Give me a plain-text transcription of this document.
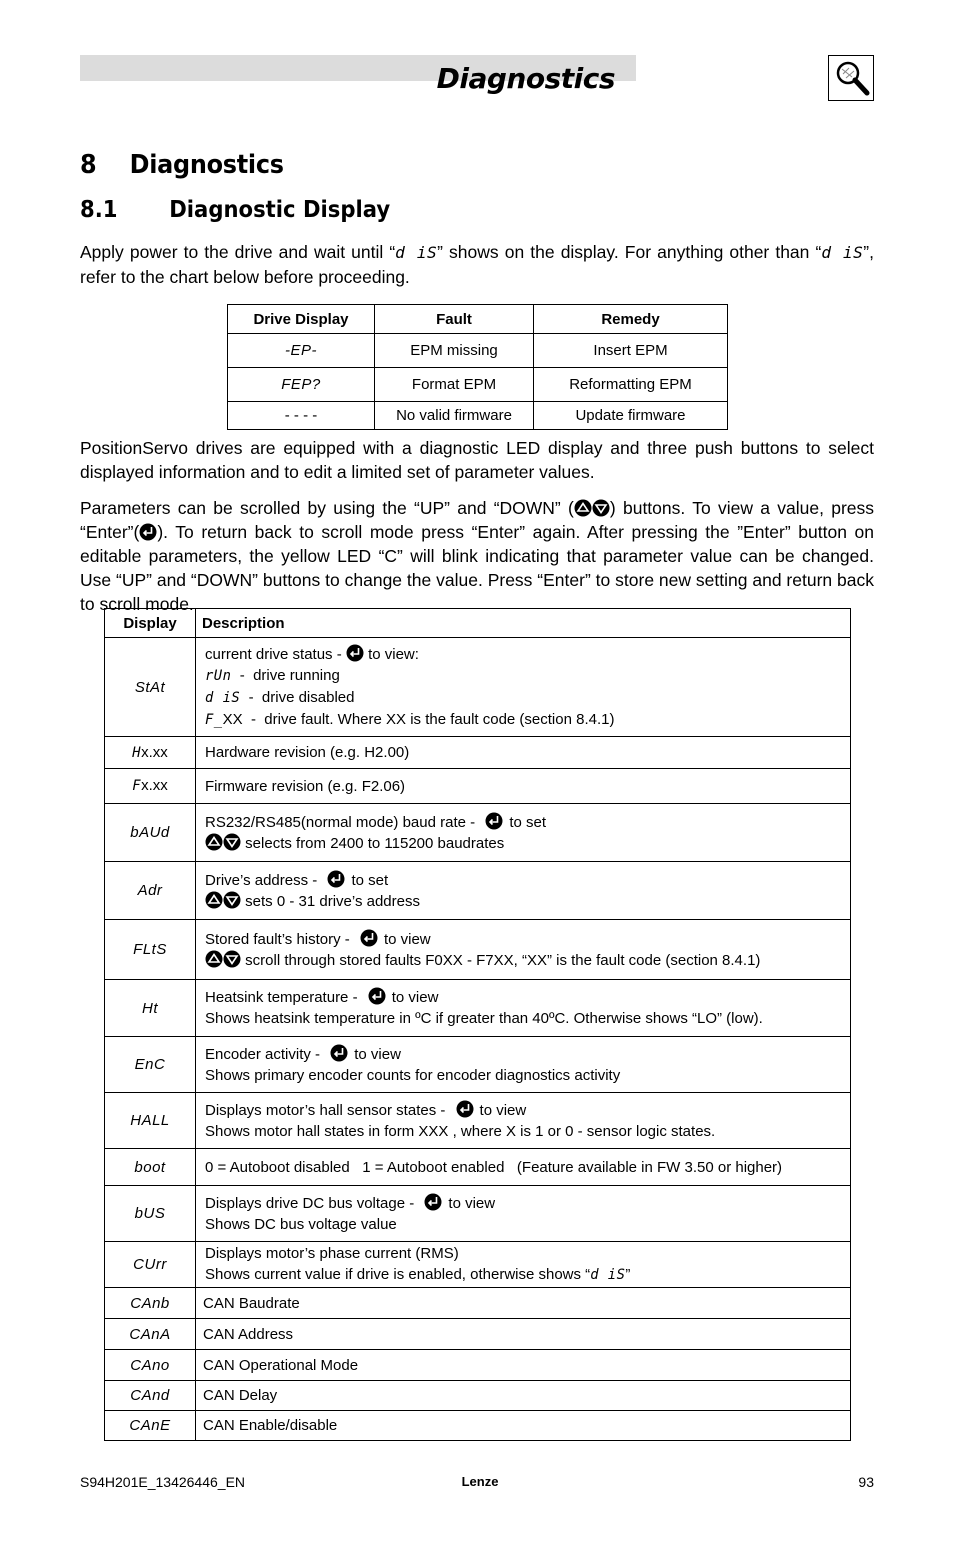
Diagnostics
8 Diagnostics
8.1 Diagnostic Display
Apply power to the drive and wait until “d iS” shows on the display. For anything other than “d iS”, refer to the chart below before proceeding.
Drive Display	Fault	Remedy
-EP-	EPM missing	Insert EPM
FEP?	Format EPM	Reformatting EPM
- - - -	No valid firmware	Update firmware
PositionServo drives are equipped with a diagnostic LED display and three push buttons to select displayed information and to edit a limited set of parameter values.
Parameters can be scrolled by using the “UP” and “DOWN” ( ) buttons. To view a value, press “Enter”( ). To return back to scroll mode press “Enter” again. After pressing the ”Enter” button on editable parameters, the yellow LED “C” will blink indicating that parameter value can be changed. Use “UP” and “DOWN” buttons to change the value. Press “Enter” to store new setting and return back to scroll mode.
Display	Description
StAt	current drive status -  to view:
rUn  -  drive running
d iS  -  drive disabled
F_XX  -  drive fault. Where XX is the fault code (section 8.4.1)

Hx.xx	Hardware revision (e.g. H2.00)
Fx.xx	Firmware revision (e.g. F2.06)
bAUd	RS232/RS485(normal mode) baud rate - to set
selects from 2400 to 115200 baudrates

Adr	Drive’s address - to set
sets 0 - 31 drive’s address

FLtS	Stored fault’s history - to view
scroll through stored faults F0XX - F7XX, “XX” is the fault code (section 8.4.1)

Ht	Heatsink temperature - to view
Shows heatsink temperature in ºC if greater than 40ºC. Otherwise shows “LO” (low).

EnC	Encoder activity - to view
Shows primary encoder counts for encoder diagnostics activity

HALL	Displays motor’s hall sensor states - to view
Shows motor hall states in form XXX , where X is 1 or 0 - sensor logic states.

boot	0 = Autoboot disabled   1 = Autoboot enabled   (Feature available in FW 3.50 or higher)
bUS	Displays drive DC bus voltage - to view
Shows DC bus voltage value

CUrr	Displays motor’s phase current (RMS)
Shows current value if drive is enabled, otherwise shows “d iS”

CAnb	CAN Baudrate
CAnA	CAN Address
CAno	CAN Operational Mode
CAnd	CAN Delay
CAnE	CAN Enable/disable
S94H201E_13426446_EN	Lenze	93
